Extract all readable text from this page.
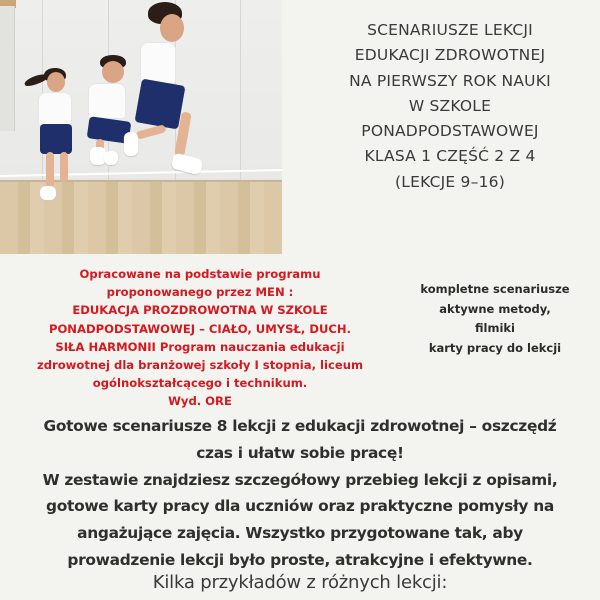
SCENARIUSZE LEKCJI
EDUKACJI ZDROWOTNEJ
NA PIERWSZY ROK NAUKI
W SZKOLE
PONADPODSTAWOWEJ
KLASA 1 CZĘŚĆ 2 Z 4
(LEKCJE 9–16)
Opracowane na podstawie programu
proponowanego przez MEN :
EDUKACJA PROZDROWOTNA W SZKOLE
PONADPODSTAWOWEJ – CIAŁO, UMYSŁ, DUCH.
SIŁA HARMONII Program nauczania edukacji
zdrowotnej dla branżowej szkoły I stopnia, liceum
ogólnokształcącego i technikum.
Wyd. ORE
kompletne scenariusze
aktywne metody,
filmiki
karty pracy do lekcji
Gotowe scenariusze 8 lekcji z edukacji zdrowotnej – oszczędź
czas i ułatw sobie pracę!
W zestawie znajdziesz szczegółowy przebieg lekcji z opisami,
gotowe karty pracy dla uczniów oraz praktyczne pomysły na
angażujące zajęcia. Wszystko przygotowane tak, aby
prowadzenie lekcji było proste, atrakcyjne i efektywne.
Kilka przykładów z różnych lekcji:
